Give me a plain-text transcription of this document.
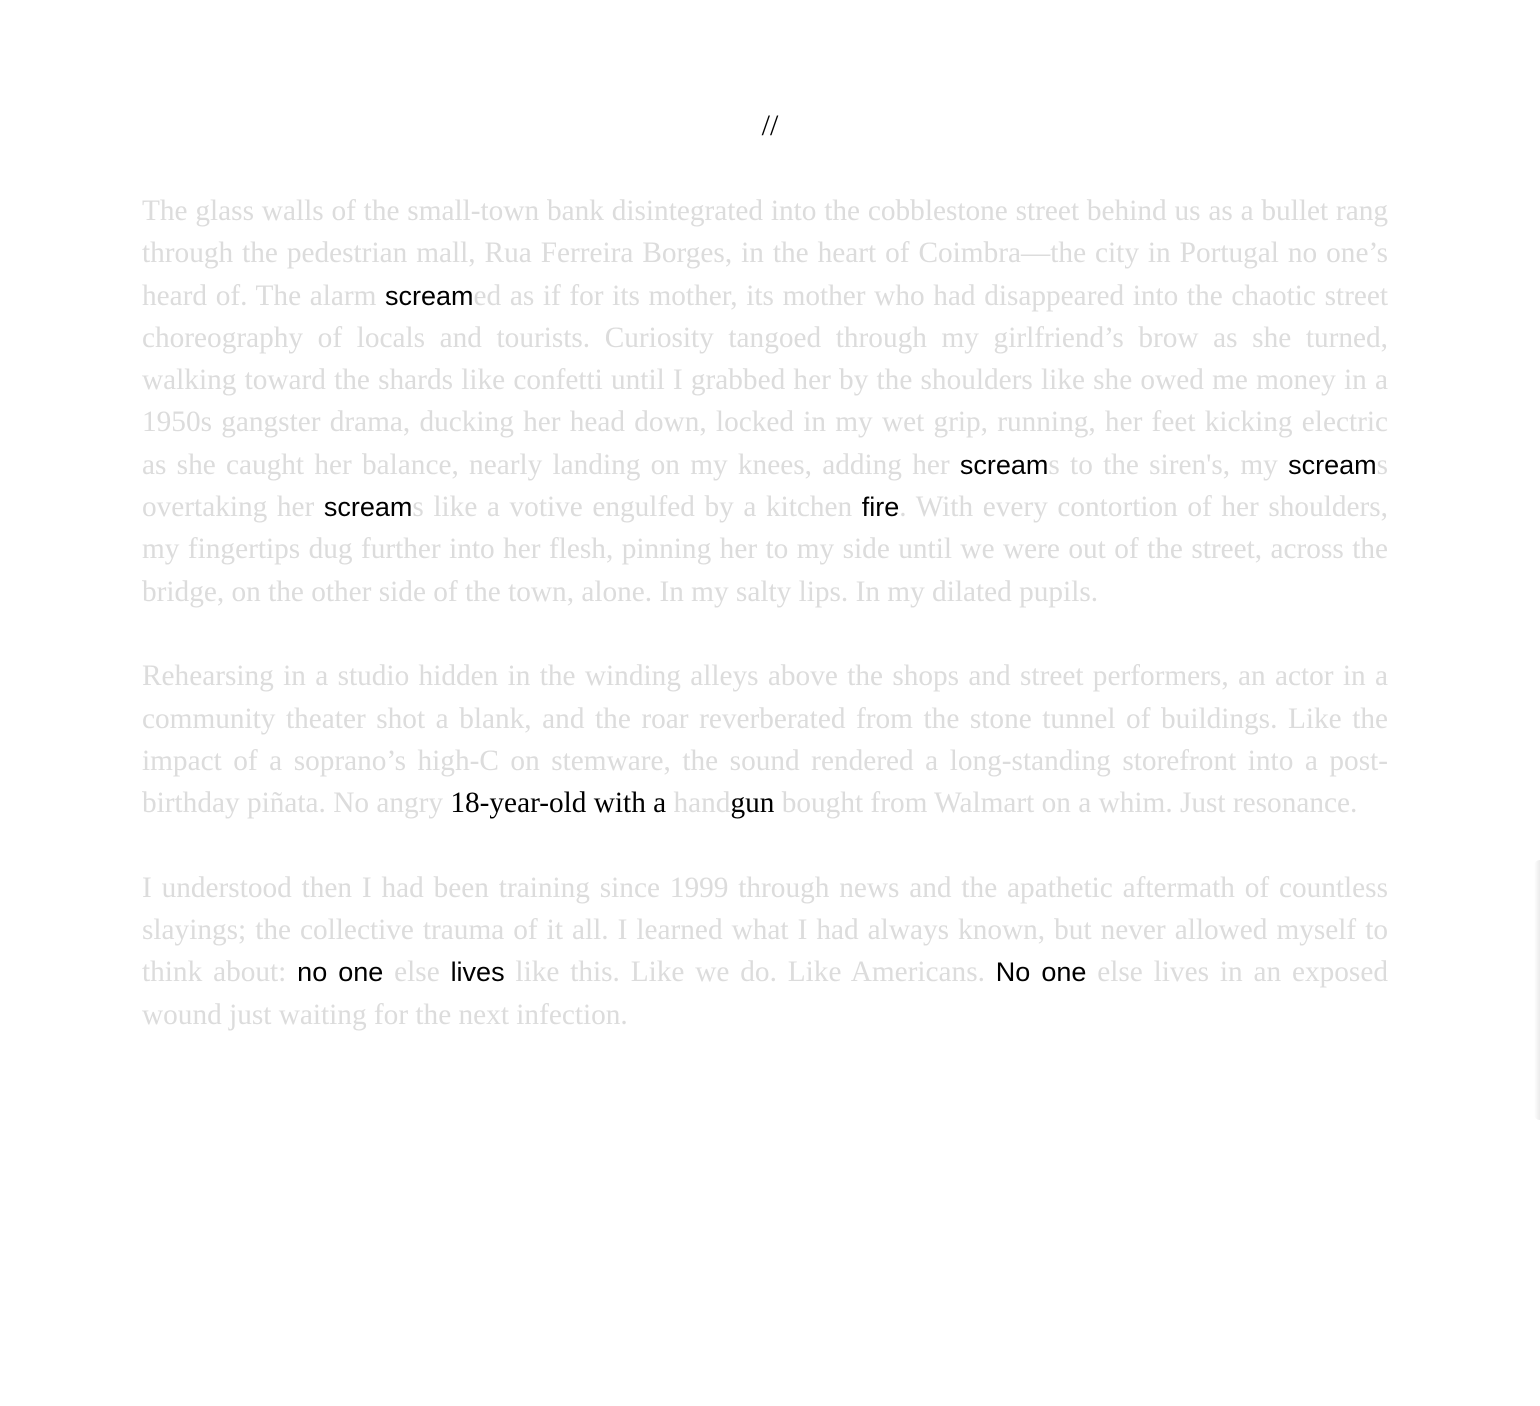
//

The glass walls of the small-town bank disintegrated into the cobblestone street behind us as a bullet rang through the pedestrian mall, Rua Ferreira Borges, in the heart of Coimbra—the city in Portugal no one’s heard of. The alarm screamed as if for its mother, its mother who had disappeared into the chaotic street choreography of locals and tourists. Curiosity tangoed through my girlfriend’s brow as she turned, walking toward the shards like confetti until I grabbed her by the shoulders like she owed me money in a 1950s gangster drama, ducking her head down, locked in my wet grip, running, her feet kicking electric as she caught her balance, nearly landing on my knees, adding her screams to the siren's, my screams overtaking her screams like a votive engulfed by a kitchen fire. With every contortion of her shoulders, my fingertips dug further into her flesh, pinning her to my side until we were out of the street, across the bridge, on the other side of the town, alone. In my salty lips. In my dilated pupils.

Rehearsing in a studio hidden in the winding alleys above the shops and street performers, an actor in a community theater shot a blank, and the roar reverberated from the stone tunnel of buildings. Like the impact of a soprano’s high-C on stemware, the sound rendered a long-standing storefront into a post-birthday piñata. No angry 18-year-old with a handgun bought from Walmart on a whim. Just resonance.

I understood then I had been training since 1999 through news and the apathetic aftermath of countless slayings; the collective trauma of it all. I learned what I had always known, but never allowed myself to think about: no one else lives like this. Like we do. Like Americans. No one else lives in an exposed wound just waiting for the next infection.
